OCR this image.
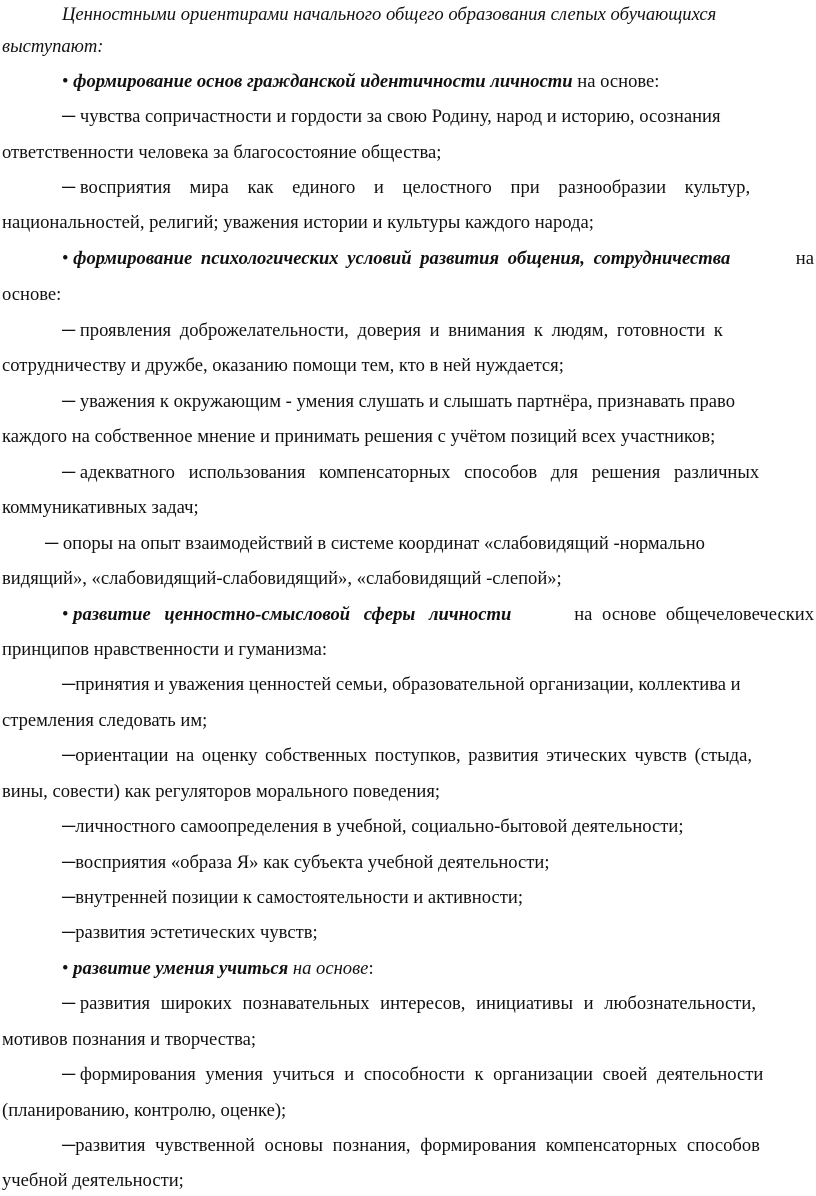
Ценностными ориентирами начального общего образования слепых обучающихся
выступают:
• формирование основ гражданской идентичности личности на основе:
─ чувства сопричастности и гордости за свою Родину, народ и историю, осознания
ответственности человека за благосостояние общества;
─ восприятия мира как единого и целостного при разнообразии культур,
национальностей, религий; уважения истории и культуры каждого народа;
• формирование психологических условий развития общения, сотрудничества	на
основе:
─ проявления доброжелательности, доверия и внимания к людям, готовности к
сотрудничеству и дружбе, оказанию помощи тем, кто в ней нуждается;
─ уважения к окружающим - умения слушать и слышать партнёра, признавать право
каждого на собственное мнение и принимать решения с учётом позиций всех участников;
─ адекватного использования компенсаторных способов для решения различных
коммуникативных задач;
─ опоры на опыт взаимодействий в системе координат «слабовидящий -нормально
видящий», «слабовидящий-слабовидящий», «слабовидящий -слепой»;
• развитие ценностно-смысловой сферы личности	на основе общечеловеческих
принципов нравственности и гуманизма:
─принятия и уважения ценностей семьи, образовательной организации, коллектива и
стремления следовать им;
─ориентации на оценку собственных поступков, развития этических чувств (стыда,
вины, совести) как регуляторов морального поведения;
─личностного самоопределения в учебной, социально-бытовой деятельности;
─восприятия «образа Я» как субъекта учебной деятельности;
─внутренней позиции к самостоятельности и активности;
─развития эстетических чувств;
• развитие умения учиться на основе:
─ развития широких познавательных интересов, инициативы и любознательности,
мотивов познания и творчества;
─ формирования умения учиться и способности к организации своей деятельности
(планированию, контролю, оценке);
─развития чувственной основы познания, формирования компенсаторных способов
учебной деятельности;
